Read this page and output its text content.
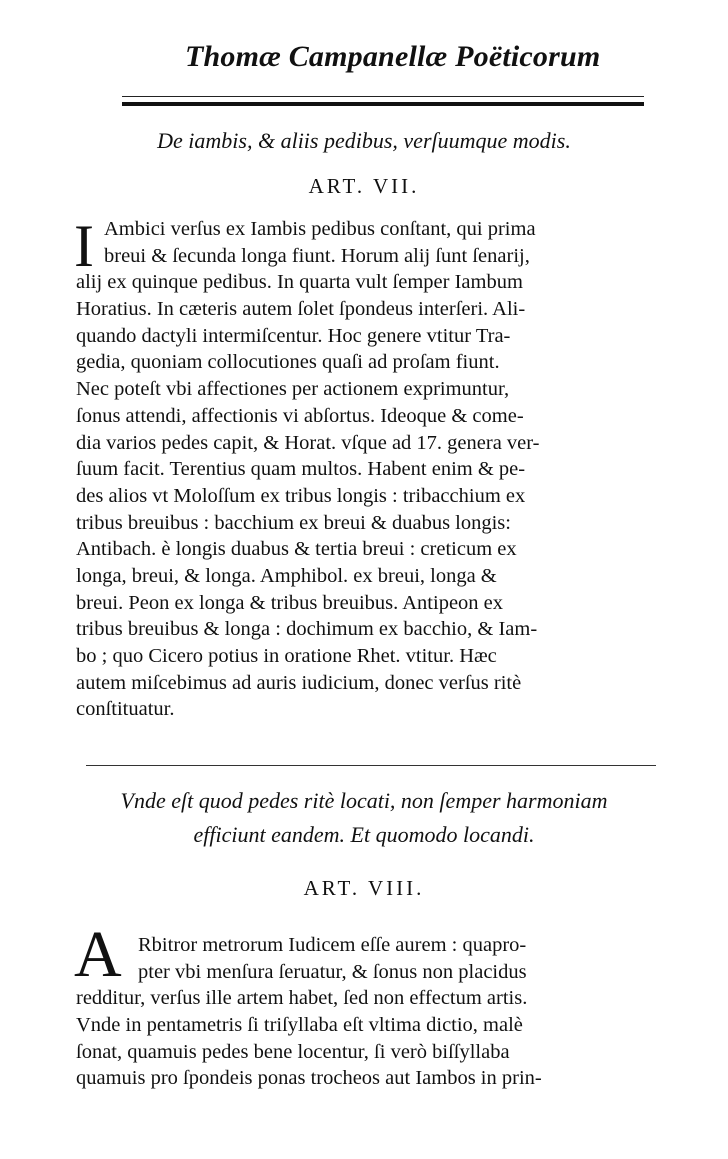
Thomæ Campanellæ Poëticorum
De iambis, & aliis pedibus, verſuumque modis.
ART. VII.
I Ambici verſus ex Iambis pedibus conſtant, qui prima
breui & ſecunda longa fiunt. Horum alij ſunt ſenarij,
alij ex quinque pedibus. In quarta vult ſemper Iambum
Horatius. In cæteris autem ſolet ſpondeus interſeri. Ali-
quando dactyli intermiſcentur. Hoc genere vtitur Tra-
gedia, quoniam collocutiones quaſi ad proſam fiunt.
Nec poteſt vbi affectiones per actionem exprimuntur,
ſonus attendi, affectionis vi abſortus. Ideoque & come-
dia varios pedes capit, & Horat. vſque ad 17. genera ver-
ſuum facit. Terentius quam multos. Habent enim & pe-
des alios vt Moloſſum ex tribus longis : tribacchium ex
tribus breuibus : bacchium ex breui & duabus longis:
Antibach. è longis duabus & tertia breui : creticum ex
longa, breui, & longa. Amphibol. ex breui, longa &
breui. Peon ex longa & tribus breuibus. Antipeon ex
tribus breuibus & longa : dochimum ex bacchio, & Iam-
bo ; quo Cicero potius in oratione Rhet. vtitur. Hæc
autem miſcebimus ad auris iudicium, donec verſus ritè
conſtituatur.
Vnde eſt quod pedes ritè locati, non ſemper harmoniam
efficiunt eandem. Et quomodo locandi.
ART. VIII.
A Rbitror metrorum Iudicem eſſe aurem : quapro-
pter vbi menſura ſeruatur, & ſonus non placidus
redditur, verſus ille artem habet, ſed non effectum artis.
Vnde in pentametris ſi triſyllaba eſt vltima dictio, malè
ſonat, quamuis pedes bene locentur, ſi verò biſſyllaba
quamuis pro ſpondeis ponas trocheos aut Iambos in prin-
